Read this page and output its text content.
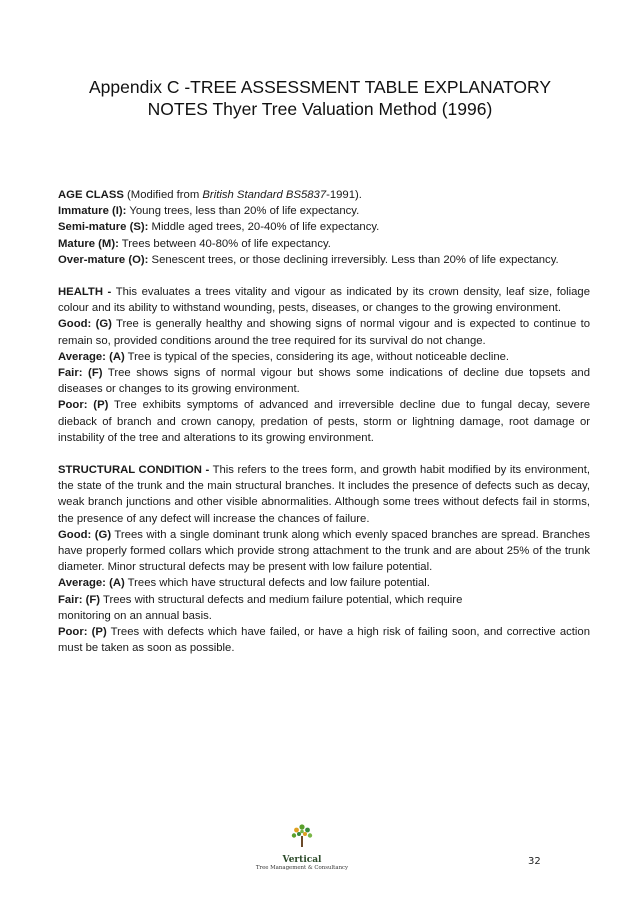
Appendix C -TREE ASSESSMENT TABLE EXPLANATORY
NOTES Thyer Tree Valuation Method (1996)

AGE CLASS (Modified from British Standard BS5837-1991).

Immature (I): Young trees, less than 20% of life expectancy.

Semi-mature (S): Middle aged trees, 20-40% of life expectancy.

Mature (M): Trees between 40-80% of life expectancy.

Over-mature (O): Senescent trees, or those declining irreversibly. Less than 20% of life expectancy.

HEALTH - This evaluates a trees vitality and vigour as indicated by its crown density, leaf size, foliage colour and its ability to withstand wounding, pests, diseases, or changes to the growing environment.

Good: (G) Tree is generally healthy and showing signs of normal vigour and is expected to continue to remain so, provided conditions around the tree required for its survival do not change.

Average: (A) Tree is typical of the species, considering its age, without noticeable decline.

Fair: (F) Tree shows signs of normal vigour but shows some indications of decline due topsets and diseases or changes to its growing environment.

Poor: (P) Tree exhibits symptoms of advanced and irreversible decline due to fungal decay, severe dieback of branch and crown canopy, predation of pests, storm or lightning damage, root damage or instability of the tree and alterations to its growing environment.

STRUCTURAL CONDITION - This refers to the trees form, and growth habit modified by its environment, the state of the trunk and the main structural branches. It includes the presence of defects such as decay, weak branch junctions and other visible abnormalities. Although some trees without defects fail in storms, the presence of any defect will increase the chances of failure.

Good: (G) Trees with a single dominant trunk along which evenly spaced branches are spread. Branches have properly formed collars which provide strong attachment to the trunk and are about 25% of the trunk diameter. Minor structural defects may be present with low failure potential.

Average: (A) Trees which have structural defects and low failure potential.

Fair: (F) Trees with structural defects and medium failure potential, which require
monitoring on an annual basis.

Poor: (P) Trees with defects which have failed, or have a high risk of failing soon, and corrective action must be taken as soon as possible.

Vertical
Tree Management & Consultancy
32
